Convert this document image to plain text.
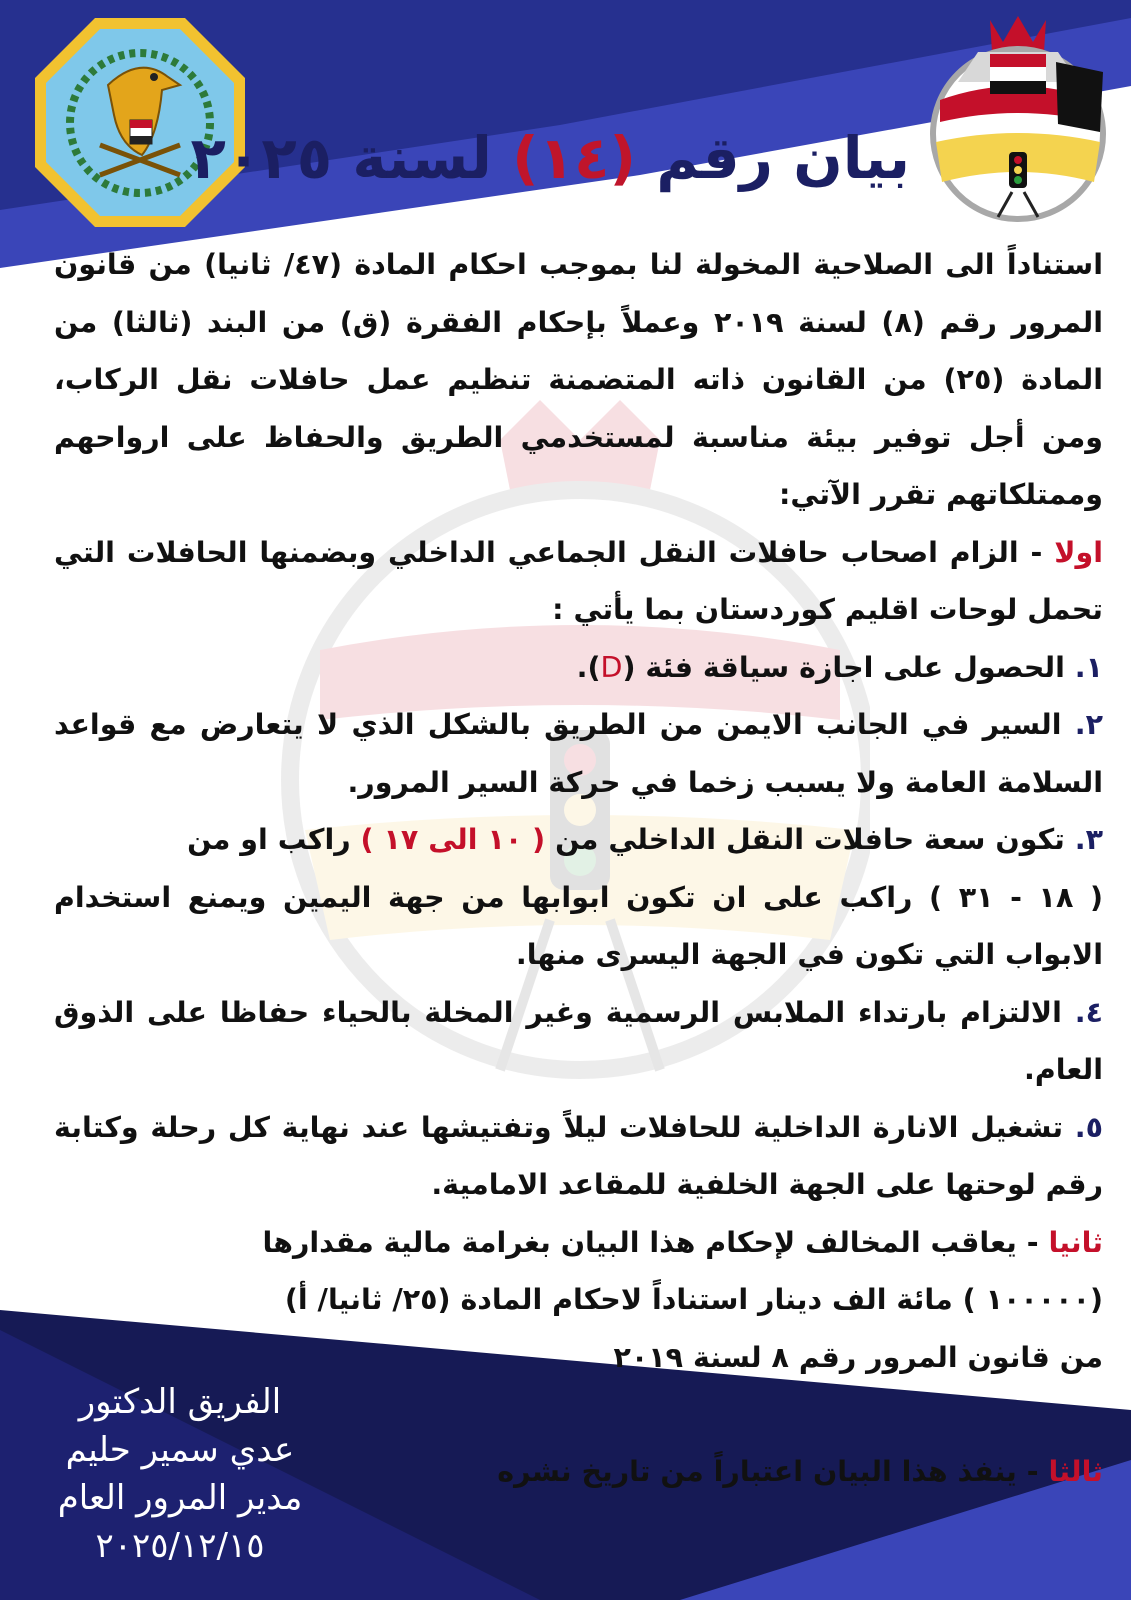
بيان رقم (١٤) لسنة ٢٠٢٥

استناداً الى الصلاحية المخولة لنا بموجب احكام المادة (٤٧/ ثانيا) من قانون المرور رقم (٨) لسنة ٢٠١٩ وعملاً بإحكام الفقرة (ق) من البند (ثالثا) من المادة (٢٥) من القانون ذاته المتضمنة تنظيم عمل حافلات نقل الركاب، ومن أجل توفير بيئة مناسبة لمستخدمي الطريق والحفاظ على ارواحهم وممتلكاتهم تقرر الآتي:

اولا - الزام اصحاب حافلات النقل الجماعي الداخلي وبضمنها الحافلات التي تحمل لوحات اقليم كوردستان بما يأتي :

١. الحصول على اجازة سياقة فئة (D).

٢. السير في الجانب الايمن من الطريق بالشكل الذي لا يتعارض مع قواعد السلامة العامة ولا يسبب زخما في حركة السير المرور.

٣. تكون سعة حافلات النقل الداخلي من ( ١٠ الى ١٧ ) راكب او من
( ١٨ - ٣١ ) راكب على ان تكون ابوابها من جهة اليمين ويمنع استخدام الابواب التي تكون في الجهة اليسرى منها.

٤. الالتزام بارتداء الملابس الرسمية وغير المخلة بالحياء حفاظا على الذوق العام.

٥. تشغيل الانارة الداخلية للحافلات ليلاً وتفتيشها عند نهاية كل رحلة وكتابة رقم لوحتها على الجهة الخلفية للمقاعد الامامية.

ثانيا - يعاقب المخالف لإحكام هذا البيان بغرامة مالية مقدارها
(١٠٠٠٠٠ ) مائة الف دينار استناداً لاحكام المادة (٢٥/ ثانيا/ أ)
من قانون المرور رقم ٨ لسنة ٢٠١٩

ثالثا - ينفذ هذا البيان اعتباراً من تاريخ نشره

الفريق الدكتور
عدي سمير حليم
مدير المرور العام
٢٠٢٥/١٢/١٥
